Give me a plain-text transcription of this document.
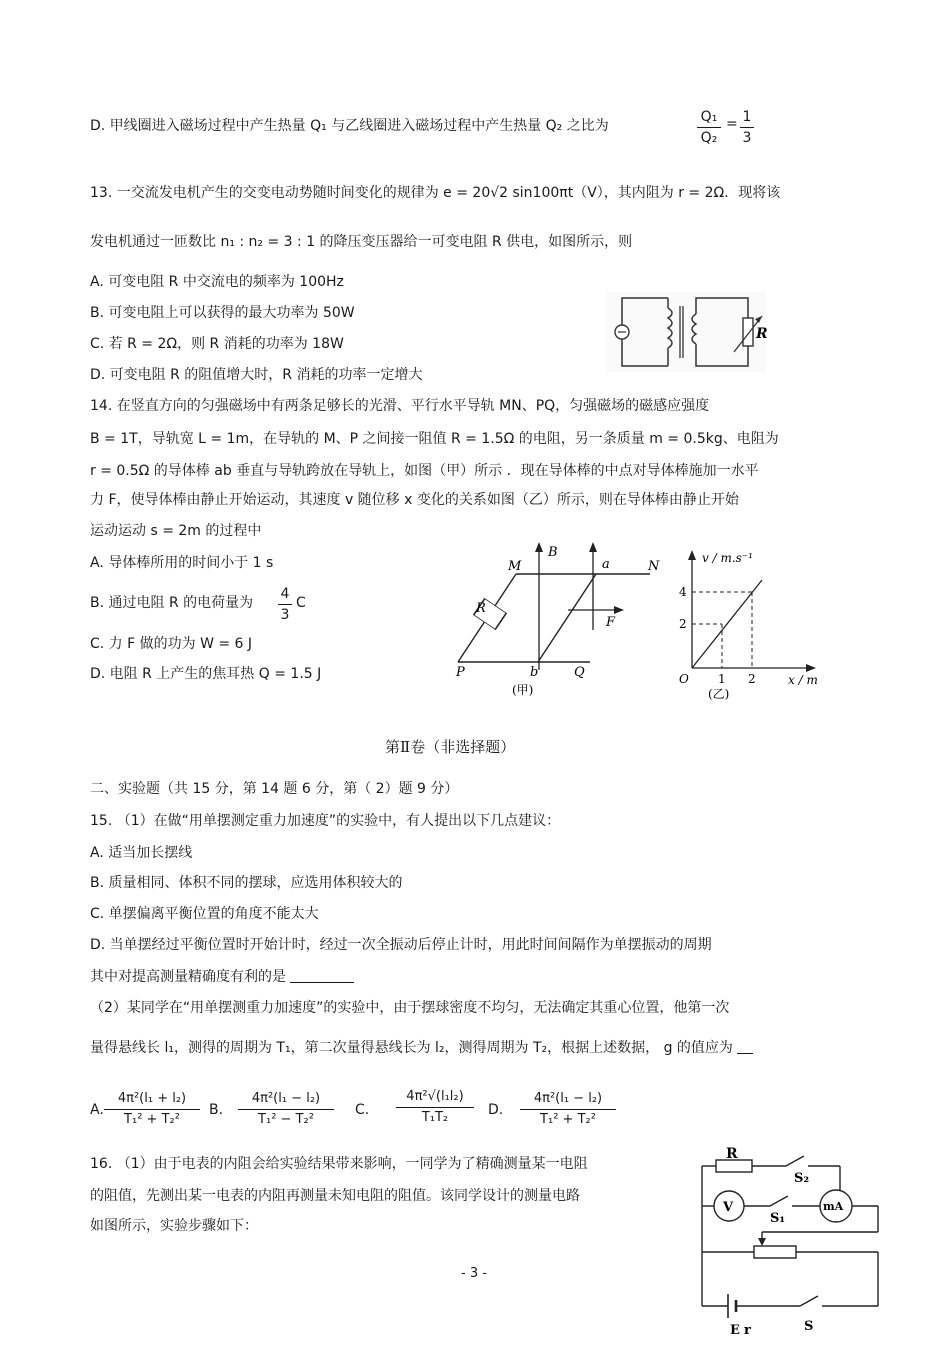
D. 甲线圈进入磁场过程中产生热量 Q₁ 与乙线圈进入磁场过程中产生热量 Q₂ 之比为
Q₁
Q₂
= 1
3
13. 一交流发电机产生的交变电动势随时间变化的规律为 e = 20√2 sin100πt（V），其内阻为 r = 2Ω．现将该
发电机通过一匝数比 n₁ : n₂ = 3 : 1 的降压变压器给一可变电阻 R 供电，如图所示，则
A. 可变电阻 R 中交流电的频率为 100Hz
B. 可变电阻上可以获得的最大功率为 50W
C. 若 R = 2Ω，则 R 消耗的功率为 18W
D. 可变电阻 R 的阻值增大时，R 消耗的功率一定增大
R
14. 在竖直方向的匀强磁场中有两条足够长的光滑、平行水平导轨 MN、PQ，匀强磁场的磁感应强度
B = 1T，导轨宽 L = 1m，在导轨的 M、P 之间接一阻值 R = 1.5Ω 的电阻，另一条质量 m = 0.5kg、电阻为
r = 0.5Ω 的导体棒 ab 垂直与导轨跨放在导轨上，如图（甲）所示 ．现在导体棒的中点对导体棒施加一水平
力 F，使导体棒由静止开始运动，其速度 v 随位移 x 变化的关系如图（乙）所示，则在导体棒由静止开始
运动运动 s = 2m 的过程中
A. 导体棒所用的时间小于 1 s
B. 通过电阻 R 的电荷量为
4
3
C
C. 力 F 做的功为 W = 6 J
D. 电阻 R 上产生的焦耳热 Q = 1.5 J
M	N
P	Q
a
b
B
F
R
(甲)
v / m.s⁻¹
x / m
O
2
4
1 2
(乙)
第Ⅱ卷（非选择题）
二、实验题（共 15 分，第 14 题 6 分，第（ 2）题 9 分）
15. （1）在做“用单摆测定重力加速度”的实验中，有人提出以下几点建议：
A. 适当加长摆线
B. 质量相同、体积不同的摆球，应选用体积较大的
C. 单摆偏离平衡位置的角度不能太大
D. 当单摆经过平衡位置时开始计时，经过一次全振动后停止计时，用此时间间隔作为单摆振动的周期
其中对提高测量精确度有利的是
（2）某同学在“用单摆测重力加速度”的实验中，由于摆球密度不均匀，无法确定其重心位置，他第一次
量得悬线长 l₁，测得的周期为 T₁，第二次量得悬线长为 l₂，测得周期为 T₂，根据上述数据， g 的值应为
A.
4π²(l₁ + l₂)
T₁² + T₂²
B.
4π²(l₁ − l₂)
T₁² − T₂²
C.
4π²√(l₁l₂)
T₁T₂	D.
4π²(l₁ − l₂)
T₁² + T₂²
16. （1）由于电表的内阻会给实验结果带来影响，一同学为了精确测量某一电阻
的阻值，先测出某一电表的内阻再测量未知电阻的阻值。该同学设计的测量电路
如图所示，实验步骤如下：
R
S₂
V
S₁
mA
E r	S
- 3 -
